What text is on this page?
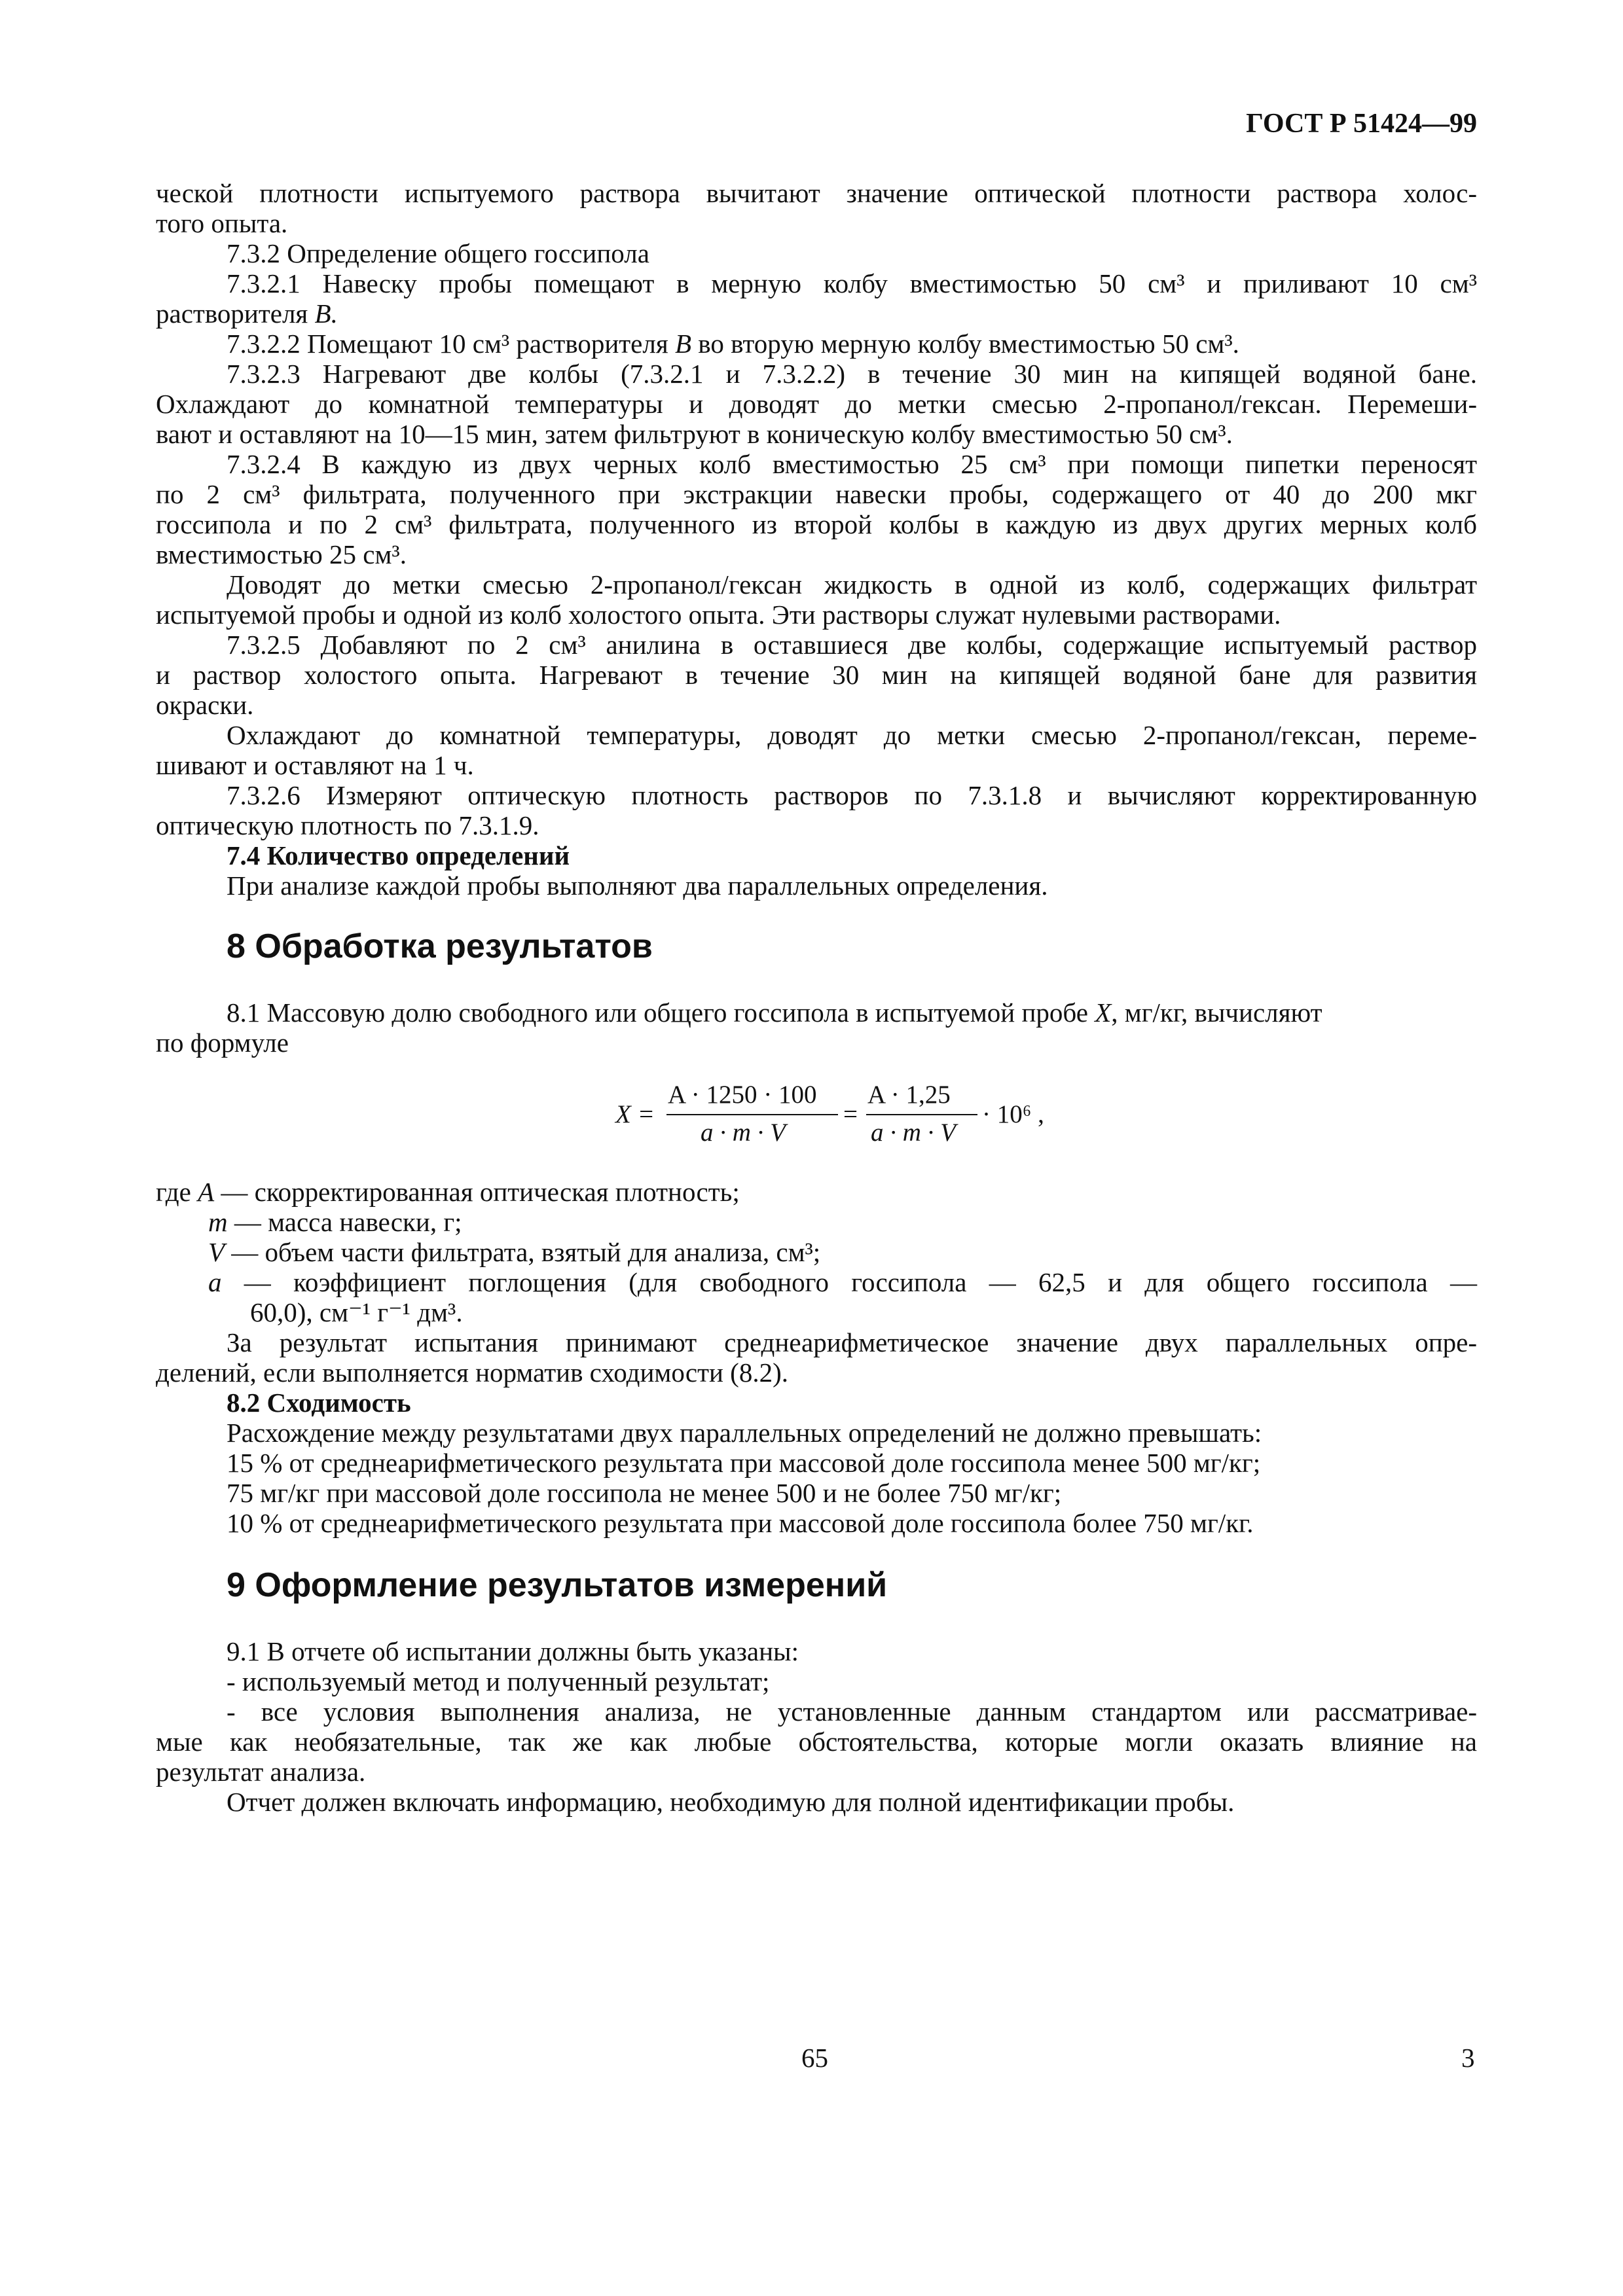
ГОСТ Р 51424—99
ческой плотности испытуемого раствора вычитают значение оптической плотности раствора холос-
того опыта.
7.3.2 Определение общего госсипола
7.3.2.1 Навеску пробы помещают в мерную колбу вместимостью 50 см³ и приливают 10 см³
растворителя B.
7.3.2.2 Помещают 10 см³ растворителя B во вторую мерную колбу вместимостью 50 см³.
7.3.2.3 Нагревают две колбы (7.3.2.1 и 7.3.2.2) в течение 30 мин на кипящей водяной бане.
Охлаждают до комнатной температуры и доводят до метки смесью 2-пропанол/гексан. Перемеши-
вают и оставляют на 10—15 мин, затем фильтруют в коническую колбу вместимостью 50 см³.
7.3.2.4 В каждую из двух черных колб вместимостью 25 см³ при помощи пипетки переносят
по 2 см³ фильтрата, полученного при экстракции навески пробы, содержащего от 40 до 200 мкг
госсипола и по 2 см³ фильтрата, полученного из второй колбы в каждую из двух других мерных колб
вместимостью 25 см³.
Доводят до метки смесью 2-пропанол/гексан жидкость в одной из колб, содержащих фильтрат
испытуемой пробы и одной из колб холостого опыта. Эти растворы служат нулевыми растворами.
7.3.2.5 Добавляют по 2 см³ анилина в оставшиеся две колбы, содержащие испытуемый раствор
и раствор холостого опыта. Нагревают в течение 30 мин на кипящей водяной бане для развития
окраски.
Охлаждают до комнатной температуры, доводят до метки смесью 2-пропанол/гексан, переме-
шивают и оставляют на 1 ч.
7.3.2.6 Измеряют оптическую плотность растворов по 7.3.1.8 и вычисляют корректированную
оптическую плотность по 7.3.1.9.
7.4 Количество определений
При анализе каждой пробы выполняют два параллельных определения.
8 Обработка результатов
8.1 Массовую долю свободного или общего госсипола в испытуемой пробе X, мг/кг, вычисляют
по формуле
X =
A · 1250 · 100
a · m · V
=
A · 1,25
a · m · V
· 10⁶ ,
где A — скорректированная оптическая плотность;
m — масса навески, г;
V — объем части фильтрата, взятый для анализа, см³;
a — коэффициент поглощения (для свободного госсипола — 62,5 и для общего госсипола —
60,0), см⁻¹ г⁻¹ дм³.
За результат испытания принимают среднеарифметическое значение двух параллельных опре-
делений, если выполняется норматив сходимости (8.2).
8.2 Сходимость
Расхождение между результатами двух параллельных определений не должно превышать:
15 % от среднеарифметического результата при массовой доле госсипола менее 500 мг/кг;
75 мг/кг при массовой доле госсипола не менее 500 и не более 750 мг/кг;
10 % от среднеарифметического результата при массовой доле госсипола более 750 мг/кг.
9 Оформление результатов измерений
9.1 В отчете об испытании должны быть указаны:
- используемый метод и полученный результат;
- все условия выполнения анализа, не установленные данным стандартом или рассматривае-
мые как необязательные, так же как любые обстоятельства, которые могли оказать влияние на
результат анализа.
Отчет должен включать информацию, необходимую для полной идентификации пробы.
65	3
